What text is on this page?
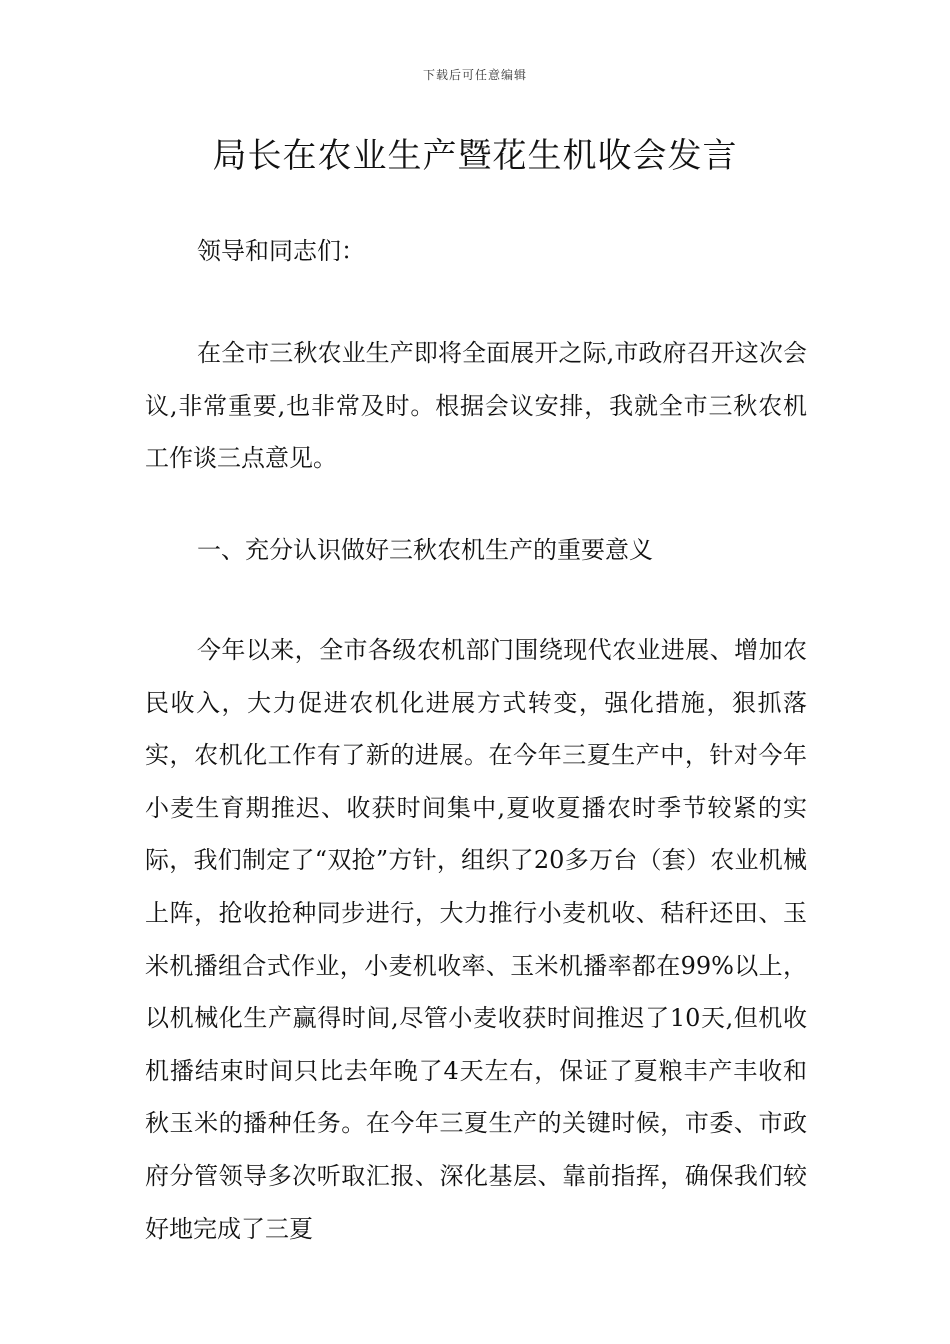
下载后可任意编辑
局长在农业生产暨花生机收会发言
领导和同志们：

在全市三秋农业生产即将全面展开之际,市政府召开这次会议,非常重要,也非常及时。根据会议安排，我就全市三秋农机工作谈三点意见。

一、充分认识做好三秋农机生产的重要意义

今年以来，全市各级农机部门围绕现代农业进展、增加农民收入，大力促进农机化进展方式转变，强化措施，狠抓落实，农机化工作有了新的进展。在今年三夏生产中，针对今年小麦生育期推迟、收获时间集中,夏收夏播农时季节较紧的实际，我们制定了“双抢”方针，组织了20多万台（套）农业机械上阵，抢收抢种同步进行，大力推行小麦机收、秸秆还田、玉米机播组合式作业，小麦机收率、玉米机播率都在99%以上，以机械化生产赢得时间,尽管小麦收获时间推迟了10天,但机收机播结束时间只比去年晚了4天左右，保证了夏粮丰产丰收和秋玉米的播种任务。在今年三夏生产的关键时候，市委、市政府分管领导多次听取汇报、深化基层、靠前指挥，确保我们较好地完成了三夏
